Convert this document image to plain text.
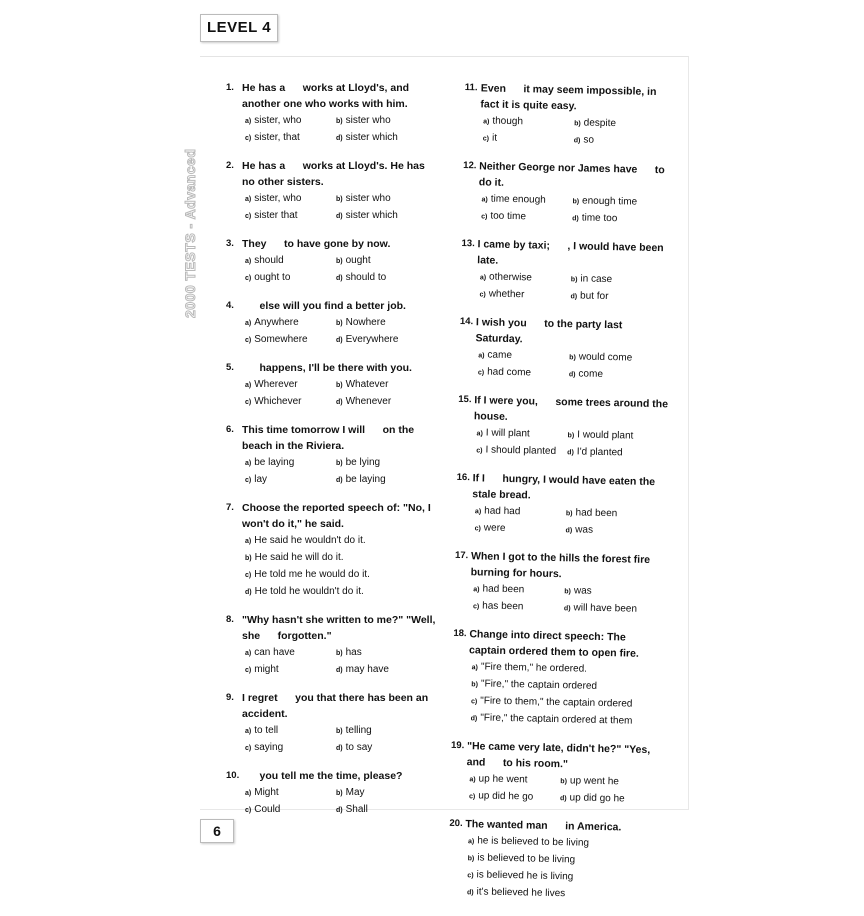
LEVEL 4
2000 TESTS - Advanced
1. He has a      works at Lloyd's, and another one who works with him.
a) sister, who	b) sister who
c) sister, that	d) sister which
2. He has a      works at Lloyd's. He has no other sisters.
a) sister, who	b) sister who
c) sister that	d) sister which
3. They      to have gone by now.
a) should	b) ought
c) ought to	d) should to
4. else will you find a better job.
a) Anywhere	b) Nowhere
c) Somewhere	d) Everywhere
5. happens, I'll be there with you.
a) Wherever	b) Whatever
c) Whichever	d) Whenever
6. This time tomorrow I will      on the beach in the Riviera.
a) be laying	b) be lying
c) lay	d) be laying
7. Choose the reported speech of: "No, I won't do it," he said.
a) He said he wouldn't do it.
b) He said he will do it.
c) He told me he would do it.
d) He told he wouldn't do it.
8. "Why hasn't she written to me?" "Well, she      forgotten."
a) can have	b) has
c) might	d) may have
9. I regret      you that there has been an accident.
a) to tell	b) telling
c) saying	d) to say
10. you tell me the time, please?
a) Might	b) May
c) Could	d) Shall
11. Even      it may seem impossible, in fact it is quite easy.
a) though	b) despite
c) it	d) so
12. Neither George nor James have      to do it.
a) time enough	b) enough time
c) too time	d) time too
13. I came by taxi;      , I would have been late.
a) otherwise	b) in case
c) whether	d) but for
14. I wish you      to the party last Saturday.
a) came	b) would come
c) had come	d) come
15. If I were you,      some trees around the house.
a) I will plant	b) I would plant
c) I should planted	d) I'd planted
16. If I      hungry, I would have eaten the stale bread.
a) had had	b) had been
c) were	d) was
17. When I got to the hills the forest fire      burning for hours.
a) had been	b) was
c) has been	d) will have been
18. Change into direct speech: The captain ordered them to open fire.
a) "Fire them," he ordered.
b) "Fire," the captain ordered
c) "Fire to them," the captain ordered
d) "Fire," the captain ordered at them
19. "He came very late, didn't he?" "Yes, and      to his room."
a) up he went	b) up went he
c) up did he go	d) up did go he
20. The wanted man      in America.
a) he is believed to be living
b) is believed to be living
c) is believed he is living
d) it's believed he lives
6
